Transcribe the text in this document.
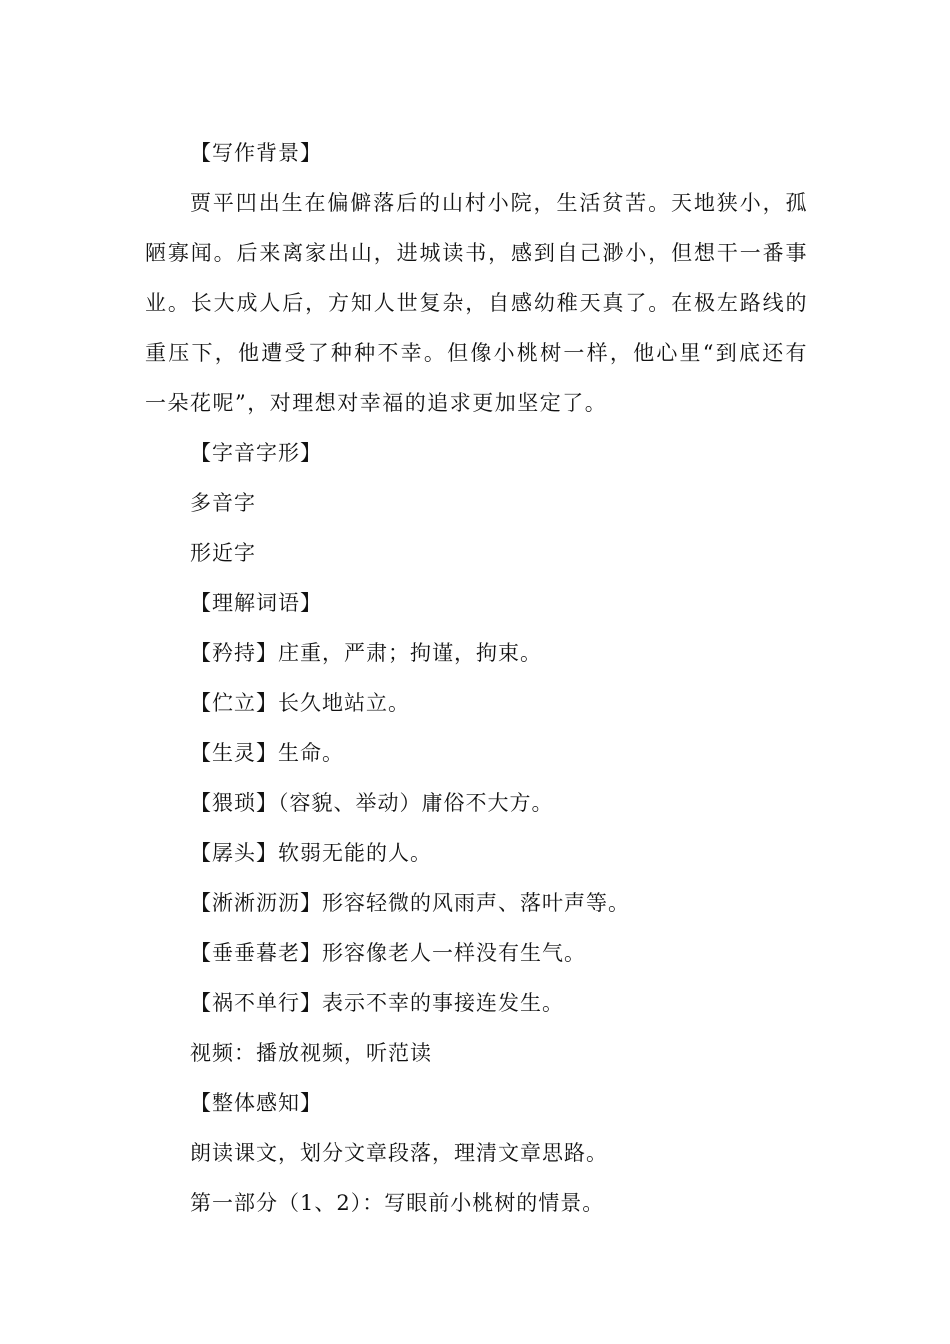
【写作背景】
贾平凹出生在偏僻落后的山村小院，生活贫苦。天地狭小，孤陋寡闻。后来离家出山，进城读书，感到自己渺小，但想干一番事业。长大成人后，方知人世复杂，自感幼稚天真了。在极左路线的重压下，他遭受了种种不幸。但像小桃树一样，他心里“到底还有一朵花呢”，对理想对幸福的追求更加坚定了。
【字音字形】
多音字
形近字
【理解词语】
【矜持】庄重，严肃；拘谨，拘束。
【伫立】长久地站立。
【生灵】生命。
【猥琐】（容貌、举动）庸俗不大方。
【孱头】软弱无能的人。
【淅淅沥沥】形容轻微的风雨声、落叶声等。
【垂垂暮老】形容像老人一样没有生气。
【祸不单行】表示不幸的事接连发生。
视频：播放视频，听范读
【整体感知】
朗读课文，划分文章段落，理清文章思路。
第一部分（1、2）：写眼前小桃树的情景。
